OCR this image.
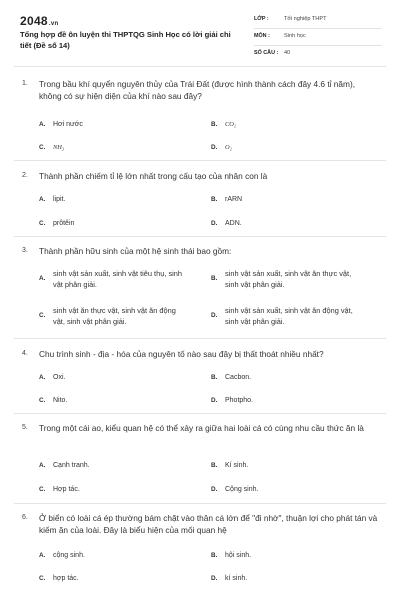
2048.vn
Tổng hợp đề ôn luyện thi THPTQG Sinh Học có lời giải chi tiết (Đề số 14)
LỚP :	Tốt nghiệp THPT
MÔN :	Sinh học
SỐ CÂU : 40
1. Trong bầu khí quyển nguyên thủy của Trái Đất (được hình thành cách đây 4.6 tỉ năm), không có sự hiện diện của khí nào sau đây?
A. Hơi nước	B. CO₂
C. NH₃	D. O₂
2. Thành phần chiếm tỉ lệ lớn nhất trong cấu tạo của nhân con là
A. lipit.	B. rARN
C. prôtêin	D. ADN.
3. Thành phần hữu sinh của một hệ sinh thái bao gồm:
A.
sinh vật sản xuất, sinh vật tiêu thụ, sinh vật phân giải.
B.
sinh vật sản xuất, sinh vật ăn thực vật, sinh vật phân giải.
C.
sinh vật ăn thực vật, sinh vật ăn động vật, sinh vật phân giải.
D.
sinh vật sản xuất, sinh vật ăn động vật, sinh vật phân giải.
4. Chu trình sinh - địa - hóa của nguyên tố nào sau đây bị thất thoát nhiều nhất?
A. Oxi.	B. Cacbon.
C. Nito.	D. Photpho.
5. Trong một cái ao, kiểu quan hệ có thể xảy ra giữa hai loài cá có cùng nhu cầu thức ăn là
A. Cạnh tranh.	B. Kí sinh.
C. Hợp tác.	D. Cộng sinh.
6. Ở biển có loài cá ép thường bám chặt vào thân cá lớn để "đi nhờ", thuận lợi cho phát tán và kiếm ăn của loài. Đây là biểu hiện của mối quan hệ
A. cộng sinh.	B. hội sinh.
C. hợp tác.	D. kí sinh.
